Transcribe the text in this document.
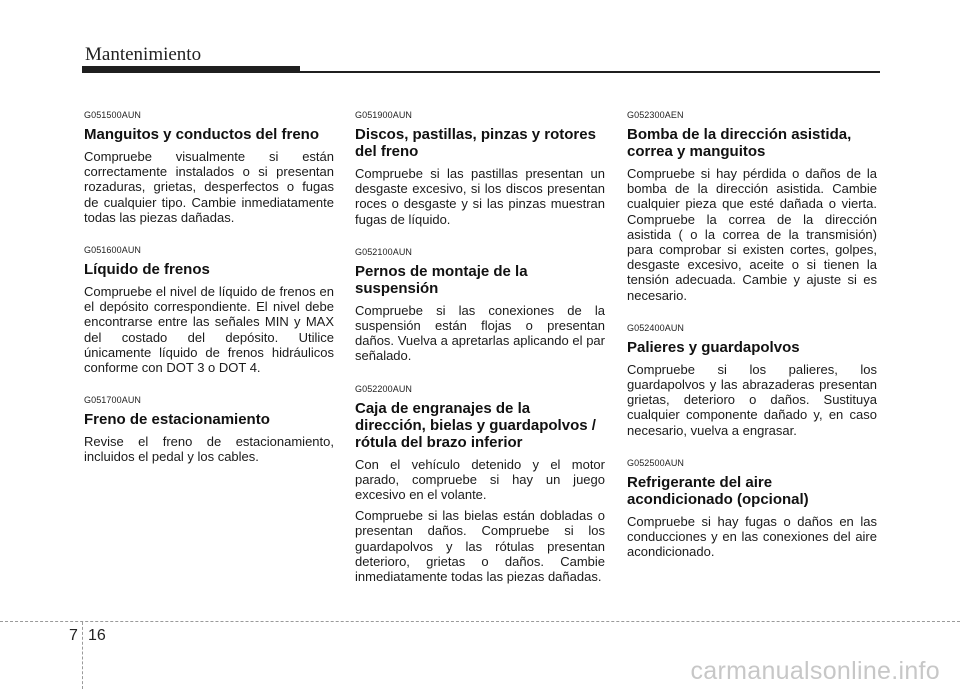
Mantenimiento

G051500AUN

Manguitos y conductos del freno

Compruebe visualmente si están correctamente instalados o si presentan rozaduras, grietas, desperfectos o fugas de cualquier tipo. Cambie inmediatamente todas las piezas dañadas.

G051600AUN

Líquido de frenos

Compruebe el nivel de líquido de frenos en el depósito correspondiente. El nivel debe encontrarse entre las señales MIN y MAX del costado del depósito. Utilice únicamente líquido de frenos hidráulicos conforme con DOT 3 o DOT 4.

G051700AUN

Freno de estacionamiento

Revise el freno de estacionamiento, incluidos el pedal y los cables.

G051900AUN

Discos, pastillas, pinzas y rotores del freno

Compruebe si las pastillas presentan un desgaste excesivo, si los discos presentan roces o desgaste y si las pinzas muestran fugas de líquido.

G052100AUN

Pernos de montaje de la suspensión

Compruebe si las conexiones de la suspensión están flojas o presentan daños. Vuelva a apretarlas aplicando el par señalado.

G052200AUN

Caja de engranajes de la dirección, bielas y guardapolvos / rótula del brazo inferior

Con el vehículo detenido y el motor parado, compruebe si hay un juego excesivo en el volante.

Compruebe si las bielas están dobladas o presentan daños. Compruebe si los guardapolvos y las rótulas presentan deterioro, grietas o daños. Cambie inmediatamente todas las piezas dañadas.

G052300AEN

Bomba de la dirección asistida, correa y manguitos

Compruebe si hay pérdida o daños de la bomba de la dirección asistida. Cambie cualquier pieza que esté dañada o vierta. Compruebe la correa de la dirección asistida ( o la correa de la transmisión) para comprobar si existen cortes, golpes, desgaste excesivo, aceite o si tienen la tensión adecuada. Cambie y ajuste si es necesario.

G052400AUN

Palieres y guardapolvos

Compruebe si los palieres, los guardapolvos y las abrazaderas presentan grietas, deterioro o daños. Sustituya cualquier componente dañado y, en caso necesario, vuelva a engrasar.

G052500AUN

Refrigerante del aire acondicionado (opcional)

Compruebe si hay fugas o daños en las conducciones y en las conexiones del aire acondicionado.

7 16
carmanualsonline.info
